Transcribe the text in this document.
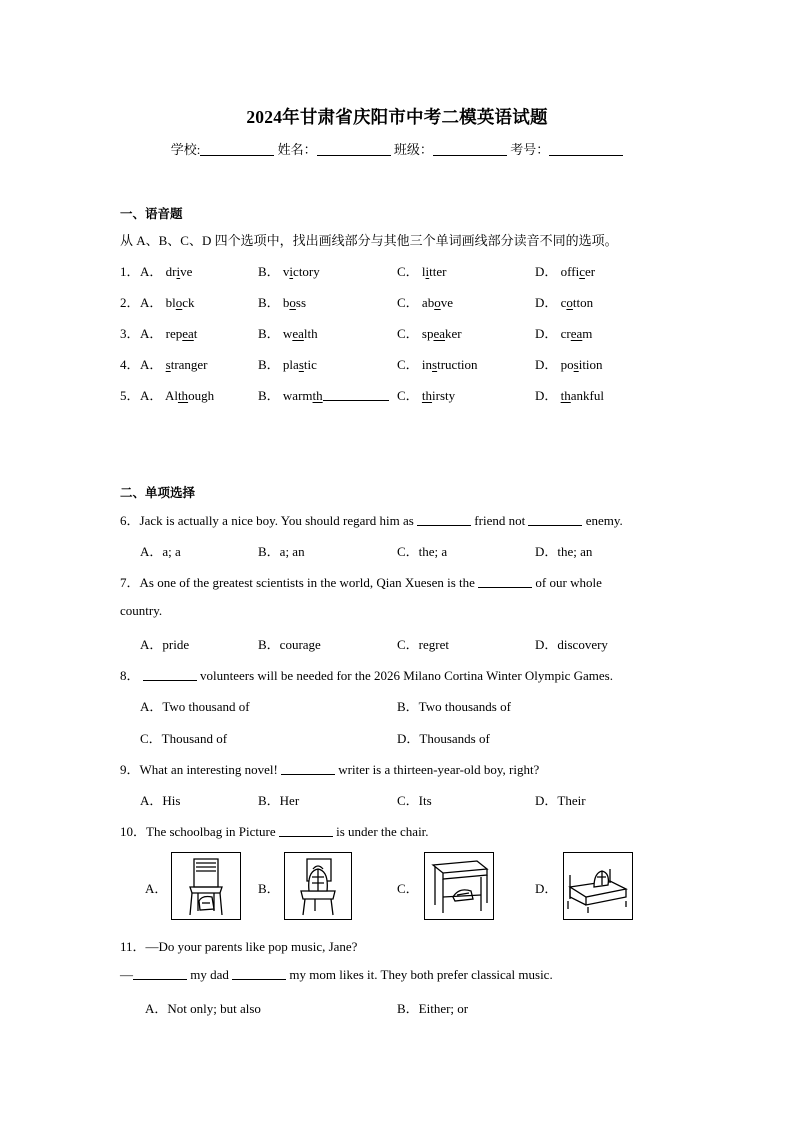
2024年甘肃省庆阳市中考二模英语试题
学校:	姓名：	班级：	考号：
一、语音题
从 A、B、C、D 四个选项中，找出画线部分与其他三个单词画线部分读音不同的选项。
1． A． drive	B． victory	C． litter	D． officer
2． A． block	B． boss	C． above	D． cotton
3． A． repeat	B． wealth	C． speaker	D． cream
4． A． stranger	B． plastic	C． instruction	D． position
5． A． Although	B． warmth	C． thirsty	D． thankful
二、单项选择
6．Jack is actually a nice boy. You should regard him as	friend not	enemy.
A．a; a	B．a; an	C．the; a	D．the; an
7．As one of the greatest scientists in the world, Qian Xuesen is the	of our whole
country.
A．pride	B．courage	C．regret	D．discovery
8．	volunteers will be needed for the 2026 Milano Cortina Winter Olympic Games.
A．Two thousand of	B．Two thousands of
C．Thousand of	D．Thousands of
9．What an interesting novel!	writer is a thirteen-year-old boy, right?
A．His	B．Her	C．Its	D．Their
10．The schoolbag in Picture	is under the chair.
A．	B．	C．	D．
11．—Do your parents like pop music, Jane?
—	my dad	my mom likes it. They both prefer classical music.
A．Not only; but also	B．Either; or
